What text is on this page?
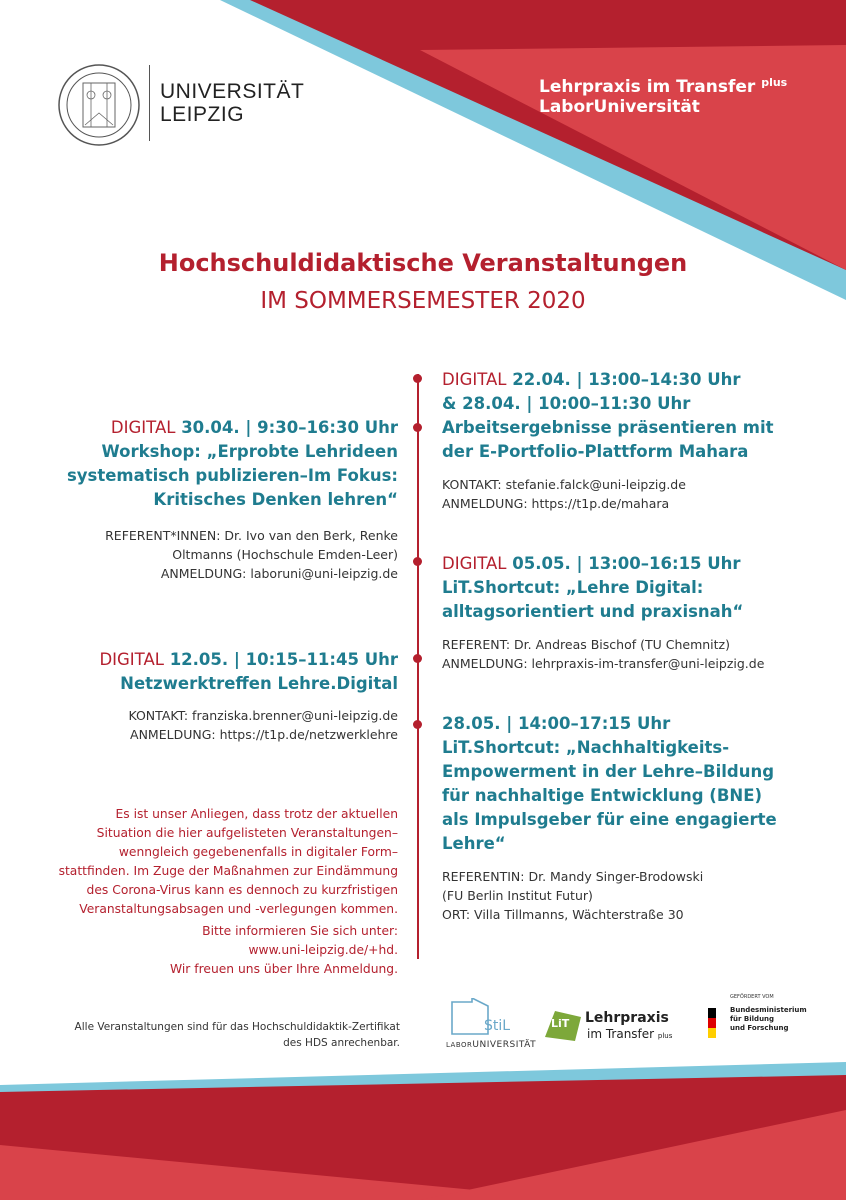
UNIVERSITÄT
LEIPZIG
Lehrpraxis im Transfer $^{plus}$
LaborUniversität
Hochschuldidaktische Veranstaltungen
IM SOMMERSEMESTER 2020
DIGITAL 22.04. | 13:00–14:30 Uhr
& 28.04. | 10:00–11:30 Uhr
Arbeitsergebnisse präsentieren mit
der E-Portfolio-Plattform Mahara
KONTAKT: stefanie.falck@uni-leipzig.de
ANMELDUNG: https://t1p.de/mahara
DIGITAL 30.04. | 9:30–16:30 Uhr
Workshop: „Erprobte Lehrideen
systematisch publizieren–Im Fokus:
Kritisches Denken lehren“
REFERENT*INNEN: Dr. Ivo van den Berk, Renke
Oltmanns (Hochschule Emden-Leer)
ANMELDUNG: laboruni@uni-leipzig.de
DIGITAL 05.05. | 13:00–16:15 Uhr
LiT.Shortcut: „Lehre Digital:
alltagsorientiert und praxisnah“
REFERENT: Dr. Andreas Bischof (TU Chemnitz)
ANMELDUNG: lehrpraxis-im-transfer@uni-leipzig.de
DIGITAL 12.05. | 10:15–11:45 Uhr
Netzwerktreffen Lehre.Digital
KONTAKT: franziska.brenner@uni-leipzig.de
ANMELDUNG: https://t1p.de/netzwerklehre
28.05. | 14:00–17:15 Uhr
LiT.Shortcut: „Nachhaltigkeits-
Empowerment in der Lehre–Bildung
für nachhaltige Entwicklung (BNE)
als Impulsgeber für eine engagierte
Lehre“
REFERENTIN: Dr. Mandy Singer-Brodowski
(FU Berlin Institut Futur)
ORT: Villa Tillmanns, Wächterstraße 30
Es ist unser Anliegen, dass trotz der aktuellen
Situation die hier aufgelisteten Veranstaltungen–
wenngleich gegebenenfalls in digitaler Form–
stattfinden. Im Zuge der Maßnahmen zur Eindämmung
des Corona-Virus kann es dennoch zu kurzfristigen
Veranstaltungsabsagen und -verlegungen kommen.
Bitte informieren Sie sich unter:
www.uni-leipzig.de/+hd.
Wir freuen uns über Ihre Anmeldung.
Alle Veranstaltungen sind für das Hochschuldidaktik-Zertifikat
des HDS anrechenbar.
StiL
LABORUNIVERSITÄT
LiT Lehrpraxis
im Transfer plus
GEFÖRDERT VOM
Bundesministerium
für Bildung
und Forschung
